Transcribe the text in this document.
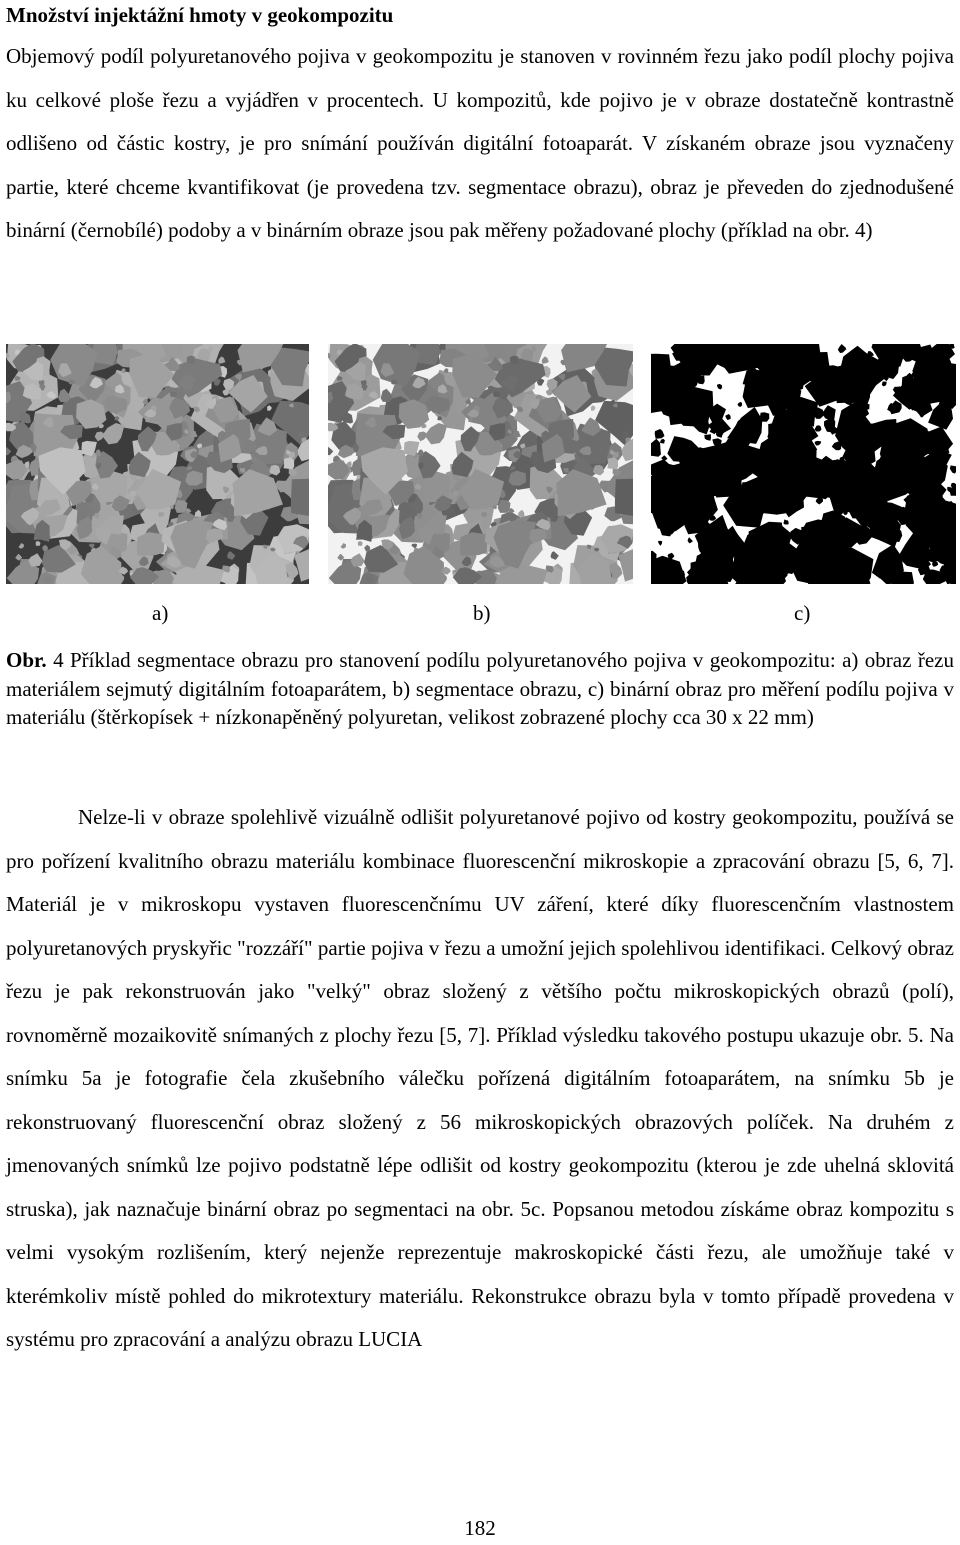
Množství injektážní hmoty v geokompozitu

Objemový podíl polyuretanového pojiva v geokompozitu je stanoven v rovinném řezu jako podíl plochy pojiva ku celkové ploše řezu a vyjádřen v procentech. U kompozitů, kde pojivo je v obraze dostatečně kontrastně odlišeno od částic kostry, je pro snímání používán digitální fotoaparát. V získaném obraze jsou vyznačeny partie, které chceme kvantifikovat (je provedena tzv. segmentace obrazu), obraz je převeden do zjednodušené binární (černobílé) podoby a v binárním obraze jsou pak měřeny požadované plochy (příklad na obr. 4)

a)	b)	c)

Obr. 4 Příklad segmentace obrazu pro stanovení podílu polyuretanového pojiva v geokompozitu: a) obraz řezu materiálem sejmutý digitálním fotoaparátem, b) segmentace obrazu, c) binární obraz pro měření podílu pojiva v materiálu (štěrkopísek + nízkonapěněný polyuretan, velikost zobrazené plochy cca 30 x 22 mm)

Nelze-li v obraze spolehlivě vizuálně odlišit polyuretanové pojivo od kostry geokompozitu, používá se pro pořízení kvalitního obrazu materiálu kombinace fluorescenční mikroskopie a zpracování obrazu [5, 6, 7]. Materiál je v mikroskopu vystaven fluorescenčnímu UV záření, které díky fluorescenčním vlastnostem polyuretanových pryskyřic "rozzáří" partie pojiva v řezu a umožní jejich spolehlivou identifikaci. Celkový obraz řezu je pak rekonstruován jako "velký" obraz složený z většího počtu mikroskopických obrazů (polí), rovnoměrně mozaikovitě snímaných z plochy řezu [5, 7]. Příklad výsledku takového postupu ukazuje obr. 5. Na snímku 5a je fotografie čela zkušebního válečku pořízená digitálním fotoaparátem, na snímku 5b je rekonstruovaný fluorescenční obraz složený z 56 mikroskopických obrazových políček. Na druhém z jmenovaných snímků lze pojivo podstatně lépe odlišit od kostry geokompozitu (kterou je zde uhelná sklovitá struska), jak naznačuje binární obraz po segmentaci na obr. 5c. Popsanou metodou získáme obraz kompozitu s velmi vysokým rozlišením, který nejenže reprezentuje makroskopické části řezu, ale umožňuje také v kterémkoliv místě pohled do mikrotextury materiálu. Rekonstrukce obrazu byla v tomto případě provedena v systému pro zpracování a analýzu obrazu LUCIA

182
